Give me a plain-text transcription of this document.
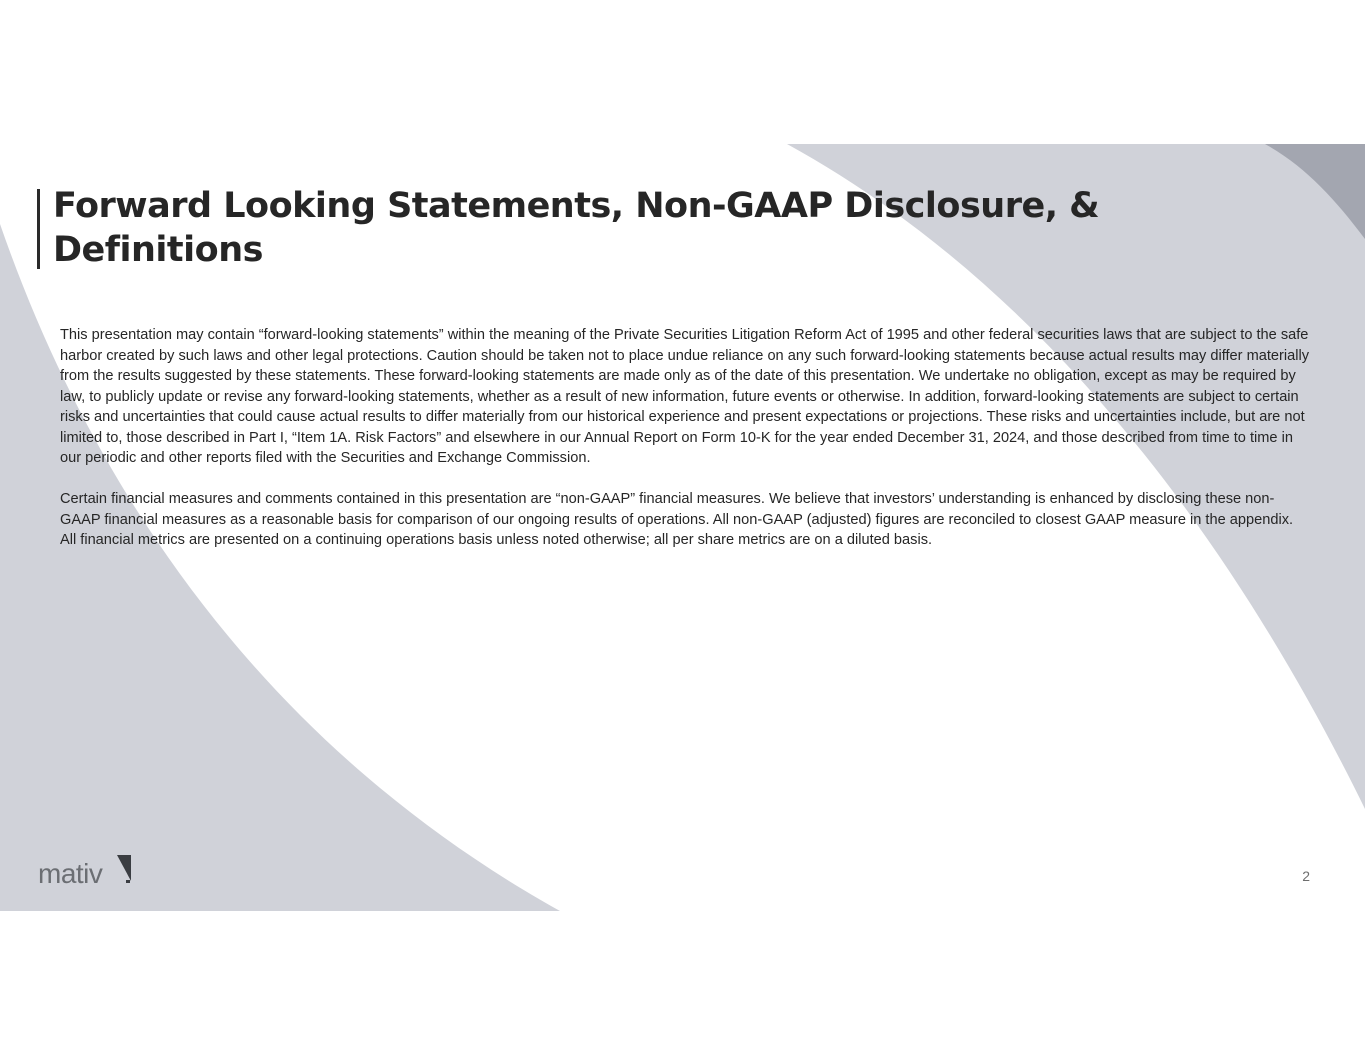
Forward Looking Statements, Non-GAAP Disclosure, & Definitions

This presentation may contain “forward-looking statements” within the meaning of the Private Securities Litigation Reform Act of 1995 and other federal securities laws that are subject to the safe harbor created by such laws and other legal protections. Caution should be taken not to place undue reliance on any such forward-looking statements because actual results may differ materially from the results suggested by these statements. These forward-looking statements are made only as of the date of this presentation. We undertake no obligation, except as may be required by law, to publicly update or revise any forward-looking statements, whether as a result of new information, future events or otherwise. In addition, forward-looking statements are subject to certain risks and uncertainties that could cause actual results to differ materially from our historical experience and present expectations or projections. These risks and uncertainties include, but are not limited to, those described in Part I, “Item 1A. Risk Factors” and elsewhere in our Annual Report on Form 10-K for the year ended December 31, 2024, and those described from time to time in our periodic and other reports filed with the Securities and Exchange Commission.

Certain financial measures and comments contained in this presentation are “non-GAAP” financial measures. We believe that investors’ understanding is enhanced by disclosing these non-GAAP financial measures as a reasonable basis for comparison of our ongoing results of operations. All non-GAAP (adjusted) figures are reconciled to closest GAAP measure in the appendix. All financial metrics are presented on a continuing operations basis unless noted otherwise; all per share metrics are on a diluted basis.

mativ	2
